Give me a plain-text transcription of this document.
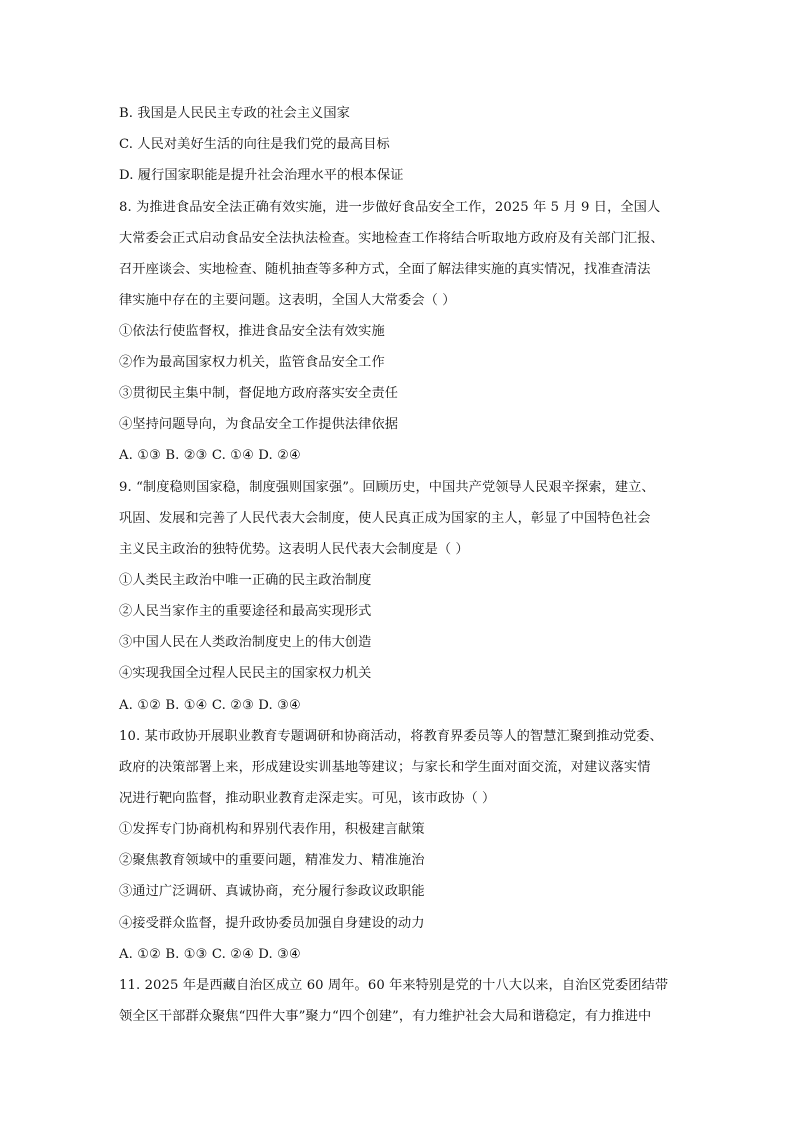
B. 我国是人民民主专政的社会主义国家
C. 人民对美好生活的向往是我们党的最高目标
D. 履行国家职能是提升社会治理水平的根本保证
8. 为推进食品安全法正确有效实施，进一步做好食品安全工作，2025 年 5 月 9 日，全国人
大常委会正式启动食品安全法执法检查。实地检查工作将结合听取地方政府及有关部门汇报、
召开座谈会、实地检查、随机抽查等多种方式，全面了解法律实施的真实情况，找准查清法
律实施中存在的主要问题。这表明，全国人大常委会（ ）
①依法行使监督权，推进食品安全法有效实施
②作为最高国家权力机关，监管食品安全工作
③贯彻民主集中制，督促地方政府落实安全责任
④坚持问题导向，为食品安全工作提供法律依据
A. ①③ B. ②③ C. ①④ D. ②④
9. “制度稳则国家稳，制度强则国家强”。回顾历史，中国共产党领导人民艰辛探索，建立、
巩固、发展和完善了人民代表大会制度，使人民真正成为国家的主人，彰显了中国特色社会
主义民主政治的独特优势。这表明人民代表大会制度是（ ）
①人类民主政治中唯一正确的民主政治制度
②人民当家作主的重要途径和最高实现形式
③中国人民在人类政治制度史上的伟大创造
④实现我国全过程人民民主的国家权力机关
A. ①② B. ①④ C. ②③ D. ③④
10. 某市政协开展职业教育专题调研和协商活动，将教育界委员等人的智慧汇聚到推动党委、
政府的决策部署上来，形成建设实训基地等建议；与家长和学生面对面交流，对建议落实情
况进行靶向监督，推动职业教育走深走实。可见，该市政协（ ）
①发挥专门协商机构和界别代表作用，积极建言献策
②聚焦教育领域中的重要问题，精准发力、精准施治
③通过广泛调研、真诚协商，充分履行参政议政职能
④接受群众监督，提升政协委员加强自身建设的动力
A. ①② B. ①③ C. ②④ D. ③④
11. 2025 年是西藏自治区成立 60 周年。60 年来特别是党的十八大以来，自治区党委团结带
领全区干部群众聚焦“四件大事”聚力“四个创建”，有力维护社会大局和谐稳定，有力推进中
